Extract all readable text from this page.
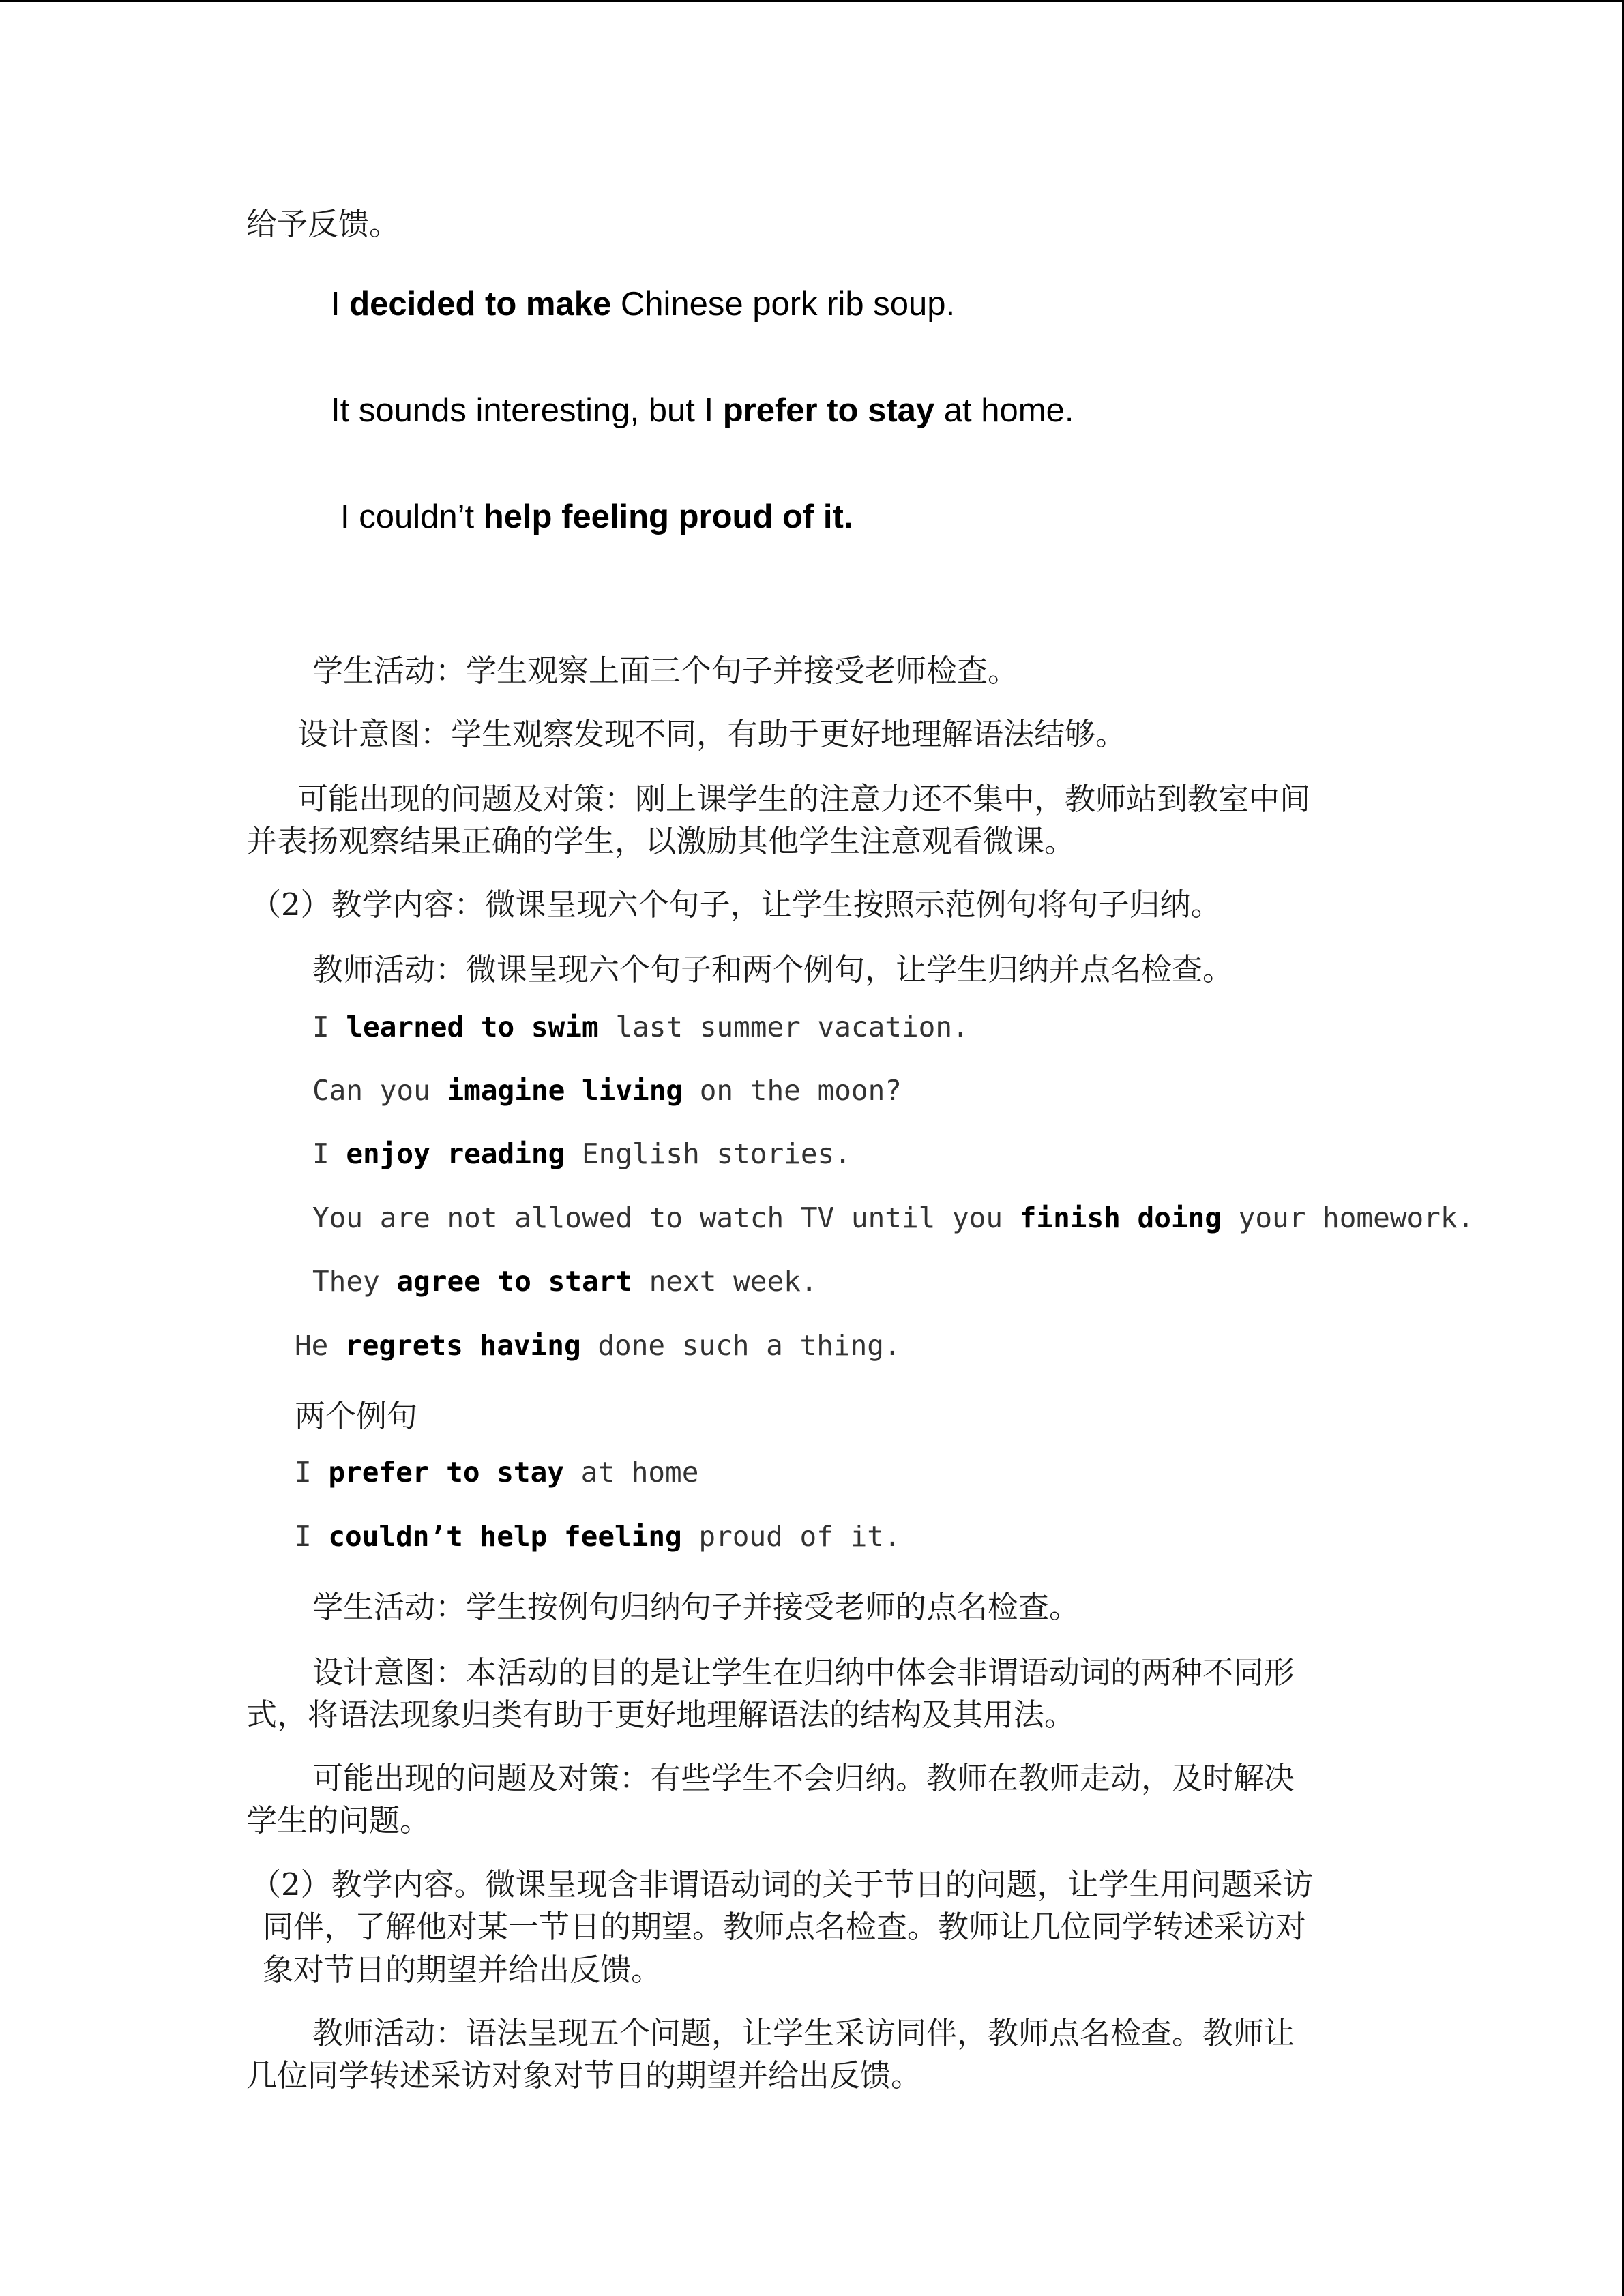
给予反馈。
I decided to make Chinese pork rib soup.
It sounds interesting, but I prefer to stay at home.
I couldn’t help feeling proud of it.
学生活动：学生观察上面三个句子并接受老师检查。
设计意图：学生观察发现不同，有助于更好地理解语法结够。
可能出现的问题及对策：刚上课学生的注意力还不集中，教师站到教室中间
并表扬观察结果正确的学生，以激励其他学生注意观看微课。
（2）教学内容：微课呈现六个句子，让学生按照示范例句将句子归纳。
教师活动：微课呈现六个句子和两个例句，让学生归纳并点名检查。
I learned to swim last summer vacation.
Can you imagine living on the moon?
I enjoy reading English stories.
You are not allowed to watch TV until you finish doing your homework.
They agree to start next week.
He regrets having done such a thing.
两个例句
I prefer to stay at home
I couldn’t help feeling proud of it.
学生活动：学生按例句归纳句子并接受老师的点名检查。
设计意图：本活动的目的是让学生在归纳中体会非谓语动词的两种不同形
式，将语法现象归类有助于更好地理解语法的结构及其用法。
可能出现的问题及对策：有些学生不会归纳。教师在教师走动，及时解决
学生的问题。
（2）教学内容。微课呈现含非谓语动词的关于节日的问题，让学生用问题采访
同伴，了解他对某一节日的期望。教师点名检查。教师让几位同学转述采访对
象对节日的期望并给出反馈。
教师活动：语法呈现五个问题，让学生采访同伴，教师点名检查。教师让
几位同学转述采访对象对节日的期望并给出反馈。
